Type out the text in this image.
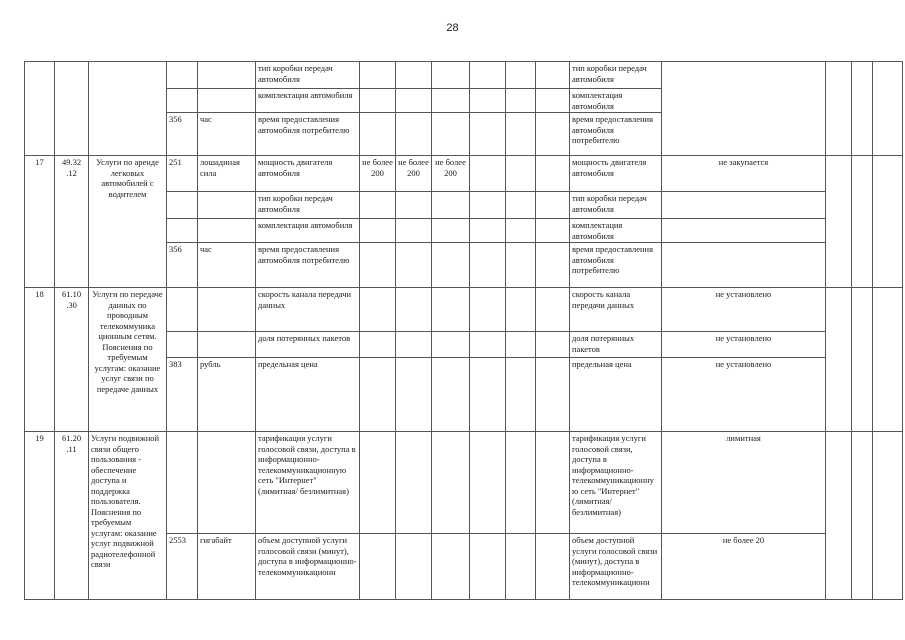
28
					тип коробки передач автомобиля							тип коробки передач автомобиля				
					комплектация автомобиля							комплектация автомобиля				
			356	час	время предоставления автомобиля потребителю							время предоставления автомобиля потребителю				
17	49.32 .12	Услуги по аренде легковых автомобилей с водителем	251	лошадиная сила	мощность двигателя автомобиля	не более 200	не более 200	не более 200				мощность двигателя автомобиля	не закупается			
					тип коробки передач автомобиля							тип коробки передач автомобиля				
					комплектация автомобиля							комплектация автомобиля				
			356	час	время предоставления автомобиля потребителю							время предоставления автомобиля потребителю				
18	61.10 .30	Услуги по передаче данных по проводным телекоммуника ционным сетям. Пояснения по требуемым услугам: оказание услуг связи по передаче данных			скорость канала передачи данных							скорость канала передачи данных	не установлено			
					доля потерянных пакетов							доля потерянных пакетов	не установлено			
			383	рубль	предельная цена							предельная цена	не установлено			
19	61.20 .11	Услуги подвижной связи общего пользования - обеспечение доступа и поддержка пользователя. Пояснения по требуемым услугам: оказание услуг подвижной радиотелефонной связи			тарификация услуги голосовой связи, доступа в информационно-телекоммуникационную сеть "Интернет" (лимитная/ безлимитная)							тарификация услуги голосовой связи, доступа в информационно-телекоммуникационную сеть "Интернет" (лимитная/ безлимитная)	лимитная			
			2553	гигабайт	объем доступной услуги голосовой связи (минут), доступа в информационно-телекоммуникационн							объем доступной услуги голосовой связи (минут), доступа в информационно-телекоммуникационн	не более 20			
